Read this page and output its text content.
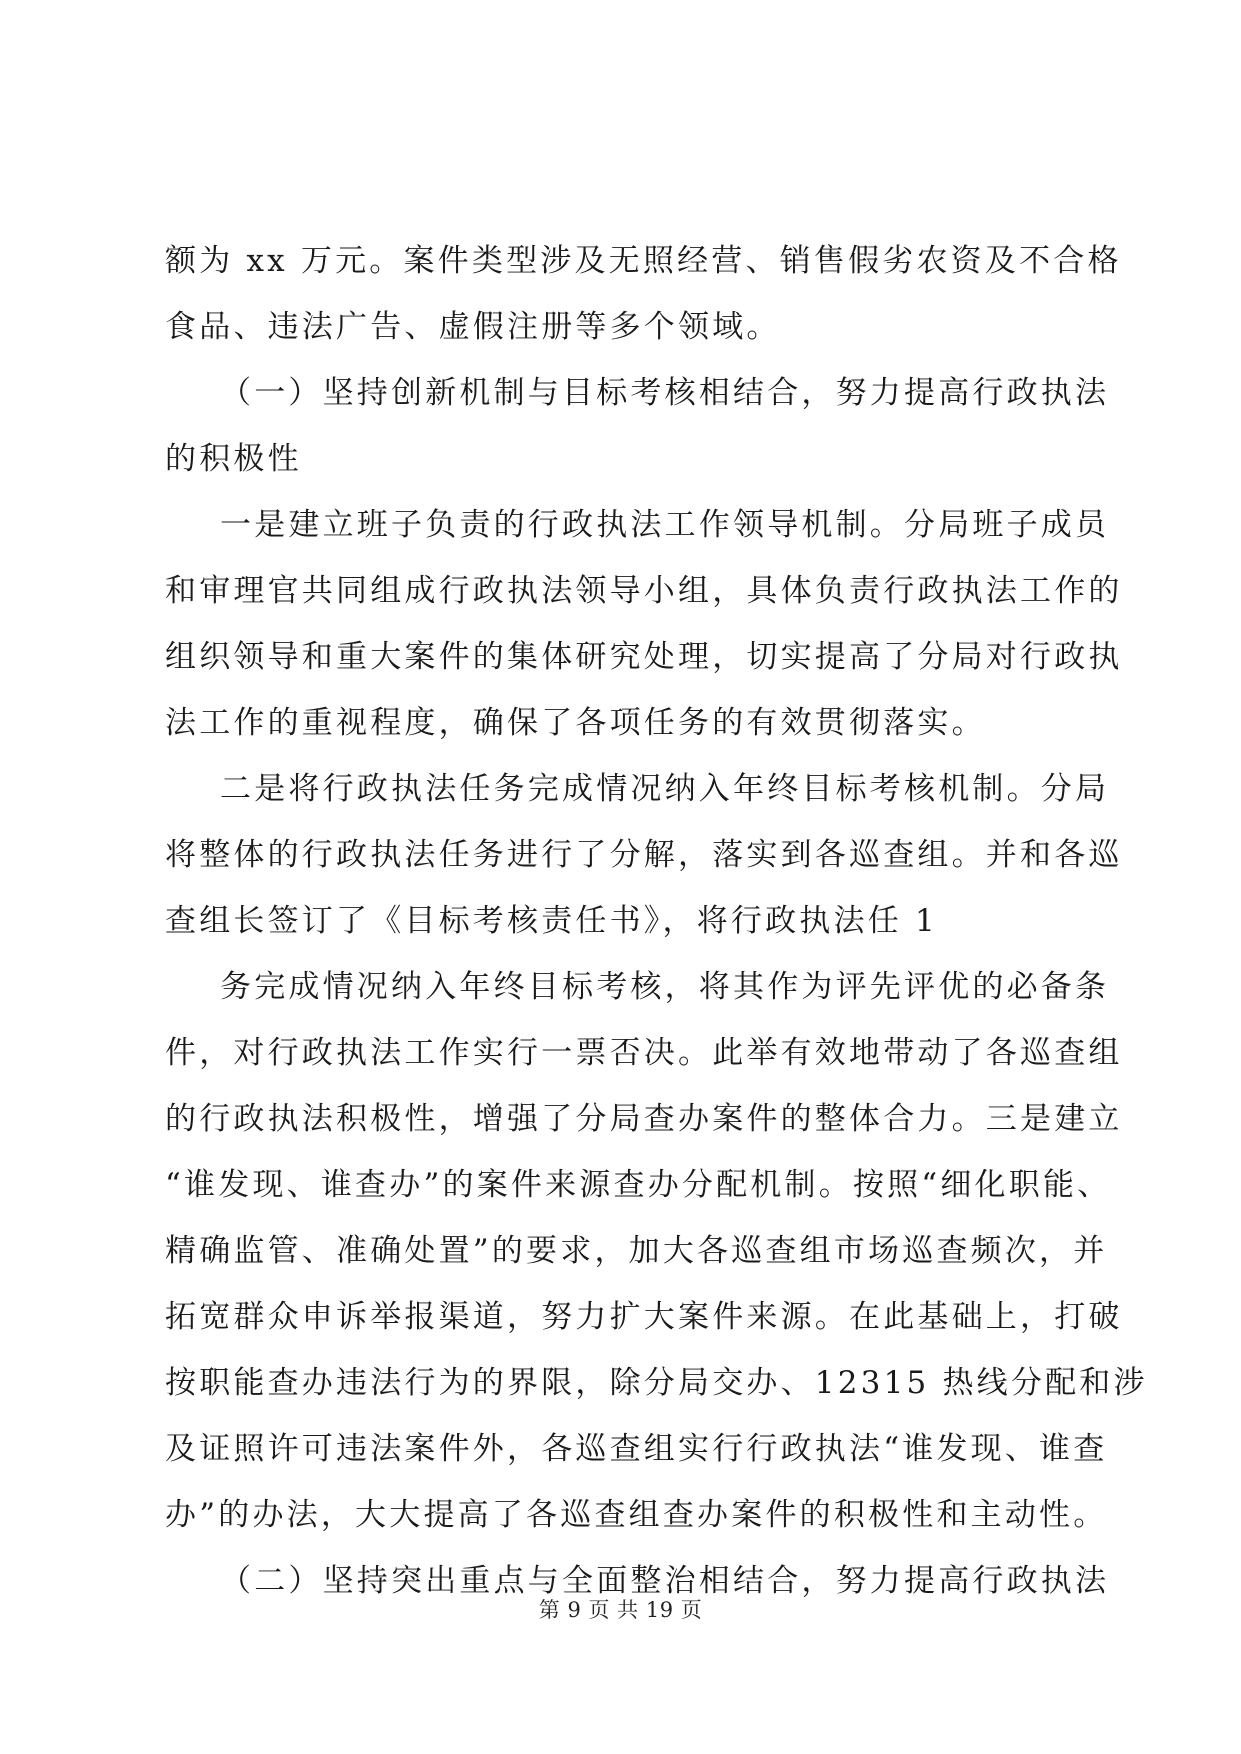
额为 xx 万元。案件类型涉及无照经营、销售假劣农资及不合格
食品、违法广告、虚假注册等多个领域。
（一）坚持创新机制与目标考核相结合，努力提高行政执法
的积极性
一是建立班子负责的行政执法工作领导机制。分局班子成员
和审理官共同组成行政执法领导小组，具体负责行政执法工作的
组织领导和重大案件的集体研究处理，切实提高了分局对行政执
法工作的重视程度，确保了各项任务的有效贯彻落实。
二是将行政执法任务完成情况纳入年终目标考核机制。分局
将整体的行政执法任务进行了分解，落实到各巡查组。并和各巡
查组长签订了《目标考核责任书》，将行政执法任 1
务完成情况纳入年终目标考核，将其作为评先评优的必备条
件，对行政执法工作实行一票否决。此举有效地带动了各巡查组
的行政执法积极性，增强了分局查办案件的整体合力。三是建立
“谁发现、谁查办”的案件来源查办分配机制。按照“细化职能、
精确监管、准确处置”的要求，加大各巡查组市场巡查频次，并
拓宽群众申诉举报渠道，努力扩大案件来源。在此基础上，打破
按职能查办违法行为的界限，除分局交办、12315 热线分配和涉
及证照许可违法案件外，各巡查组实行行政执法“谁发现、谁查
办”的办法，大大提高了各巡查组查办案件的积极性和主动性。
（二）坚持突出重点与全面整治相结合，努力提高行政执法
第 9 页 共 19 页
